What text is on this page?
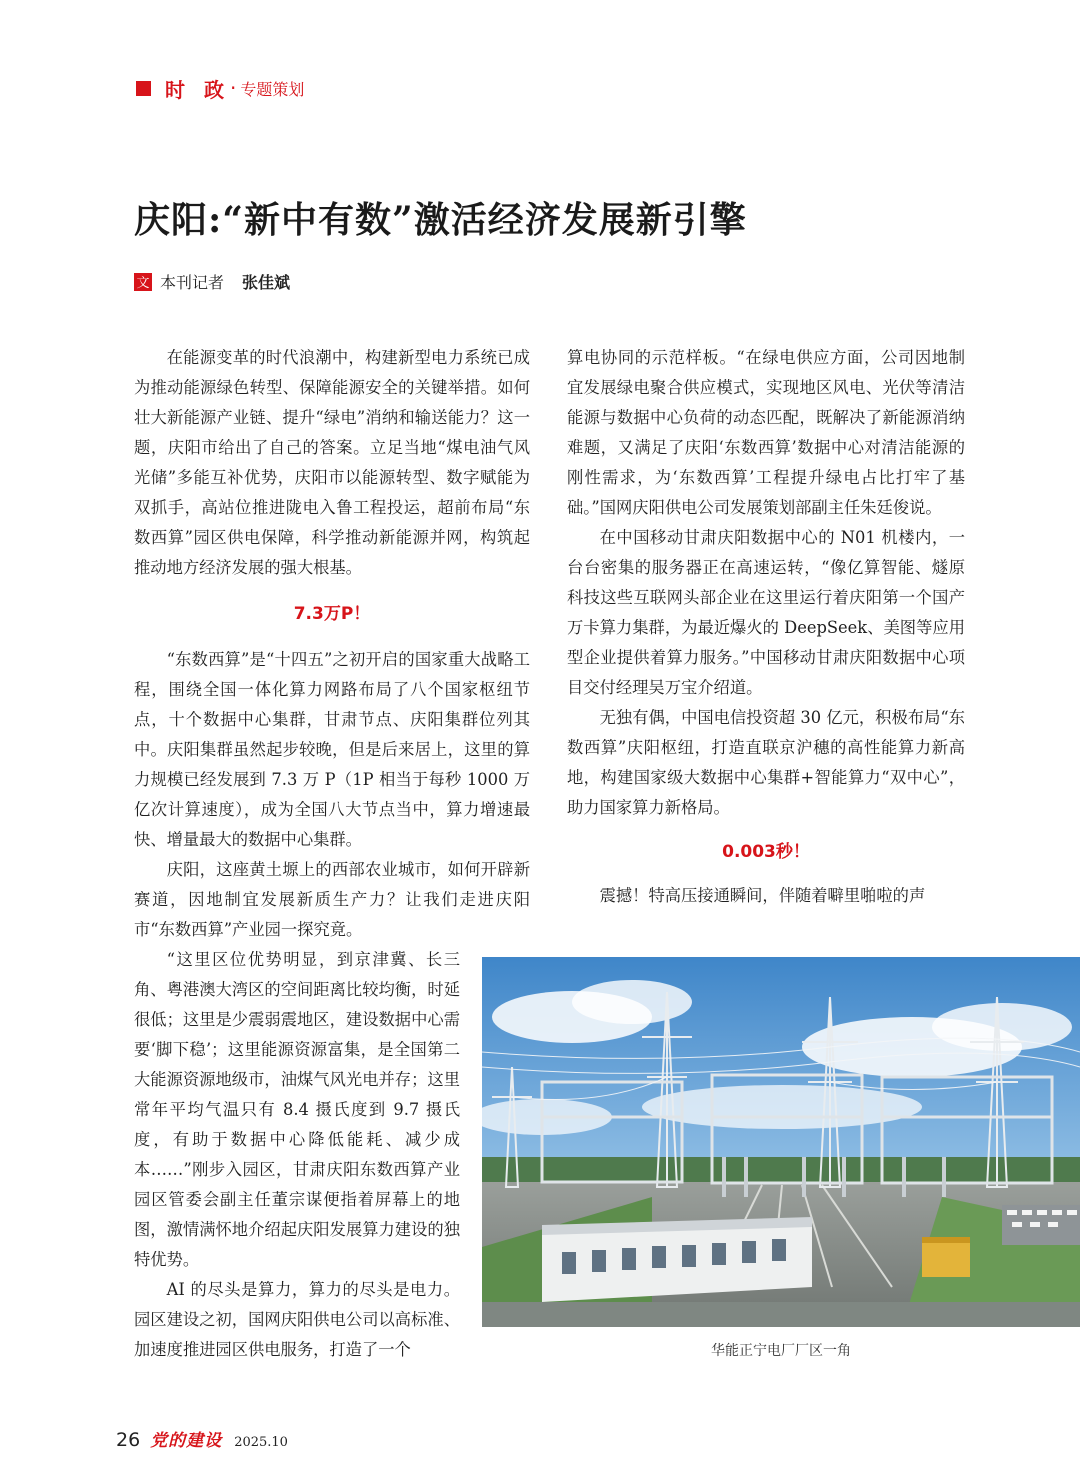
时 政 · 专题策划
庆阳:“新中有数”激活经济发展新引擎
文 本刊记者 张佳斌

在能源变革的时代浪潮中，构建新型电力系统已成为推动能源绿色转型、保障能源安全的关键举措。如何壮大新能源产业链、提升“绿电”消纳和输送能力？这一题，庆阳市给出了自己的答案。立足当地“煤电油气风光储”多能互补优势，庆阳市以能源转型、数字赋能为双抓手，高站位推进陇电入鲁工程投运，超前布局“东数西算”园区供电保障，科学推动新能源并网，构筑起推动地方经济发展的强大根基。

7.3万P！

“东数西算”是“十四五”之初开启的国家重大战略工程，围绕全国一体化算力网路布局了八个国家枢纽节点，十个数据中心集群，甘肃节点、庆阳集群位列其中。庆阳集群虽然起步较晚，但是后来居上，这里的算力规模已经发展到 7.3 万 P（1P 相当于每秒 1000 万亿次计算速度），成为全国八大节点当中，算力增速最快、增量最大的数据中心集群。

庆阳，这座黄土塬上的西部农业城市，如何开辟新赛道，因地制宜发展新质生产力？让我们走进庆阳市“东数西算”产业园一探究竟。

“这里区位优势明显，到京津冀、长三角、粤港澳大湾区的空间距离比较均衡，时延很低；这里是少震弱震地区，建设数据中心需要‘脚下稳’；这里能源资源富集，是全国第二大能源资源地级市，油煤气风光电并存；这里常年平均气温只有 8.4 摄氏度到 9.7 摄氏度，有助于数据中心降低能耗、减少成本……”刚步入园区，甘肃庆阳东数西算产业园区管委会副主任董宗谋便指着屏幕上的地图，激情满怀地介绍起庆阳发展算力建设的独特优势。

AI 的尽头是算力，算力的尽头是电力。园区建设之初，国网庆阳供电公司以高标准、加速度推进园区供电服务，打造了一个

算电协同的示范样板。“在绿电供应方面，公司因地制宜发展绿电聚合供应模式，实现地区风电、光伏等清洁能源与数据中心负荷的动态匹配，既解决了新能源消纳难题，又满足了庆阳‘东数西算’数据中心对清洁能源的刚性需求，为‘东数西算’工程提升绿电占比打牢了基础。”国网庆阳供电公司发展策划部副主任朱廷俊说。

在中国移动甘肃庆阳数据中心的 N01 机楼内，一台台密集的服务器正在高速运转，“像亿算智能、燧原科技这些互联网头部企业在这里运行着庆阳第一个国产万卡算力集群，为最近爆火的 DeepSeek、美图等应用型企业提供着算力服务。”中国移动甘肃庆阳数据中心项目交付经理吴万宝介绍道。

无独有偶，中国电信投资超 30 亿元，积极布局“东数西算”庆阳枢纽，打造直联京沪穗的高性能算力新高地，构建国家级大数据中心集群+智能算力“双中心”，助力国家算力新格局。

0.003秒！

震撼！特高压接通瞬间，伴随着噼里啪啦的声

华能正宁电厂厂区一角
26 党的建设 2025.10
